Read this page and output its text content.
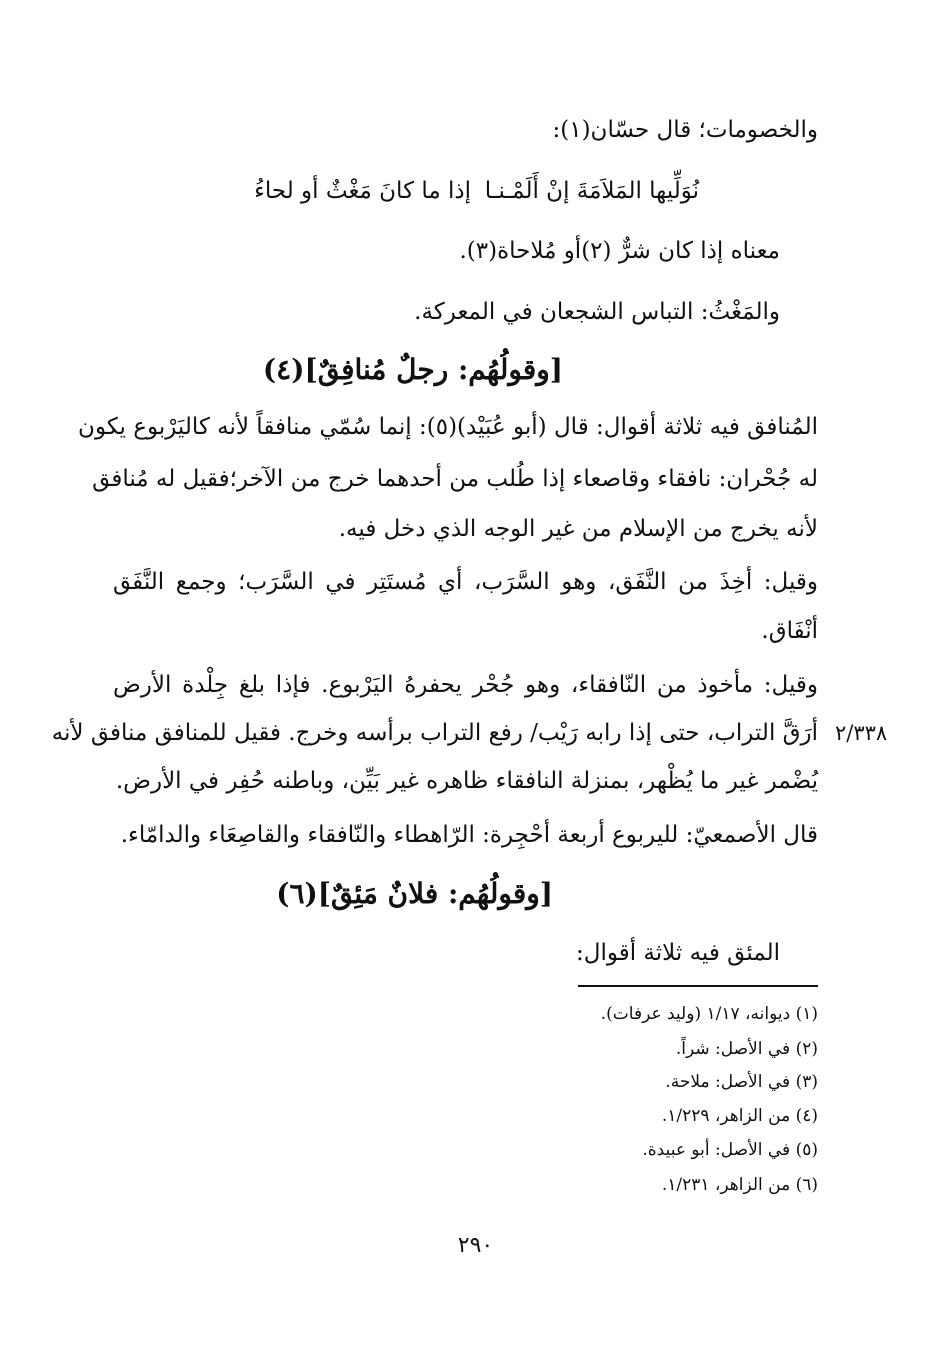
والخصومات؛ قال حسّان(١):
نُوَلِّيها المَلاَمَةَ إنْ أَلَمْـنـا
إذا ما كانَ مَغْثٌ أو لحاءُ
معناه إذا كان شرٌّ (٢)أو مُلاحاة(٣).
والمَغْثُ: التباس الشجعان في المعركة.
[وقولُهُم: رجلٌ مُنافِقٌ](٤)
المُنافق فيه ثلاثة أقوال: قال (أبو عُبَيْد)(٥): إنما سُمّي منافقاً لأنه كاليَرْبوع يكون
له جُحْران: نافقاء وقاصعاء إذا طُلب من أحدهما خرج من الآخر؛فقيل له مُنافق
لأنه يخرج من الإسلام من غير الوجه الذي دخل فيه.
وقيل: أخِذَ من النَّفَق، وهو السَّرَب، أي مُستَتِر في السَّرَب؛ وجمع النَّفَق
أنْفَاق.
وقيل: مأخوذ من النّافقاء، وهو جُحْر يحفرهُ اليَرْبوع. فإذا بلغ جِلْدة الأرض
أرَقَّ التراب، حتى إذا رابه رَيْب/ رفع التراب برأسه وخرج. فقيل للمنافق منافق لأنه
يُضْمر غير ما يُظْهر، بمنزلة النافقاء ظاهره غير بَيِّن، وباطنه حُفِر في الأرض.
٢/٣٣٨
قال الأصمعيّ: لليربوع أربعة أحْجِرة: الرّاهطاء والنّافقاء والقاصِعَاء والدامّاء.
[وقولُهُم: فلانٌ مَئِقٌ](٦)
المئق فيه ثلاثة أقوال:
(١) ديوانه، ١/١٧ (وليد عرفات).
(٢) في الأصل: شراً.
(٣) في الأصل: ملاحة.
(٤) من الزاهر، ١/٢٢٩.
(٥) في الأصل: أبو عبيدة.
(٦) من الزاهر، ١/٢٣١.
٢٩٠
